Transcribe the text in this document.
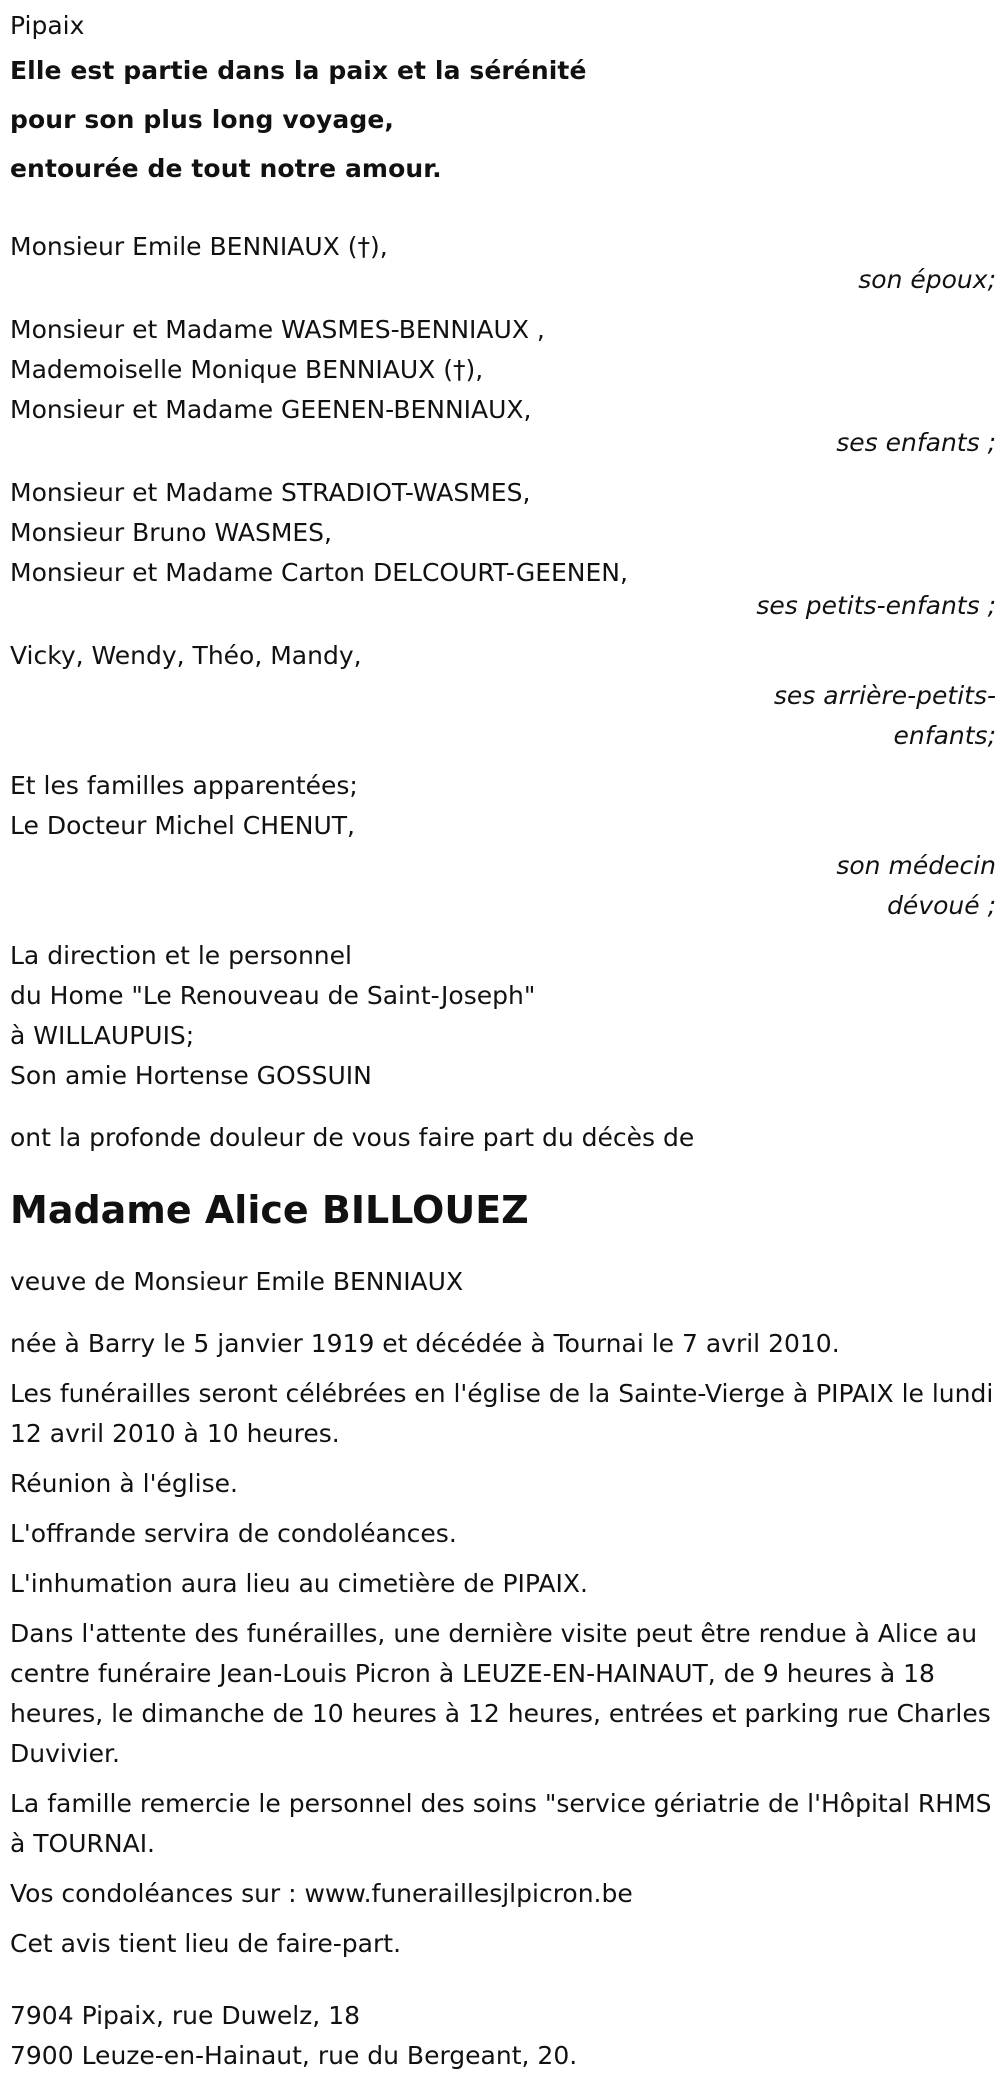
Pipaix
Elle est partie dans la paix et la sérénité
pour son plus long voyage,
entourée de tout notre amour.
Monsieur Emile BENNIAUX (†),
son époux;
Monsieur et Madame WASMES-BENNIAUX ,
Mademoiselle Monique BENNIAUX (†),
Monsieur et Madame GEENEN-BENNIAUX,
ses enfants ;
Monsieur et Madame STRADIOT-WASMES,
Monsieur Bruno WASMES,
Monsieur et Madame Carton DELCOURT-GEENEN,
ses petits-enfants ;
Vicky, Wendy, Théo, Mandy,
ses arrière-petits-
enfants;
Et les familles apparentées;
Le Docteur Michel CHENUT,
son médecin
dévoué ;
La direction et le personnel
du Home "Le Renouveau de Saint-Joseph"
à WILLAUPUIS;
Son amie Hortense GOSSUIN
ont la profonde douleur de vous faire part du décès de
Madame Alice BILLOUEZ
veuve de Monsieur Emile BENNIAUX
née à Barry le 5 janvier 1919 et décédée à Tournai le 7 avril 2010.
Les funérailles seront célébrées en l'église de la Sainte-Vierge à PIPAIX le lundi 12 avril 2010 à 10 heures.
Réunion à l'église.
L'offrande servira de condoléances.
L'inhumation aura lieu au cimetière de PIPAIX.
Dans l'attente des funérailles, une dernière visite peut être rendue à Alice au centre funéraire Jean-Louis Picron à LEUZE-EN-HAINAUT, de 9 heures à 18 heures, le dimanche de 10 heures à 12 heures, entrées et parking rue Charles Duvivier.
La famille remercie le personnel des soins "service gériatrie de l'Hôpital RHMS à TOURNAI.
Vos condoléances sur : www.funeraillesjlpicron.be
Cet avis tient lieu de faire-part.
7904 Pipaix, rue Duwelz, 18
7900 Leuze-en-Hainaut, rue du Bergeant, 20.
